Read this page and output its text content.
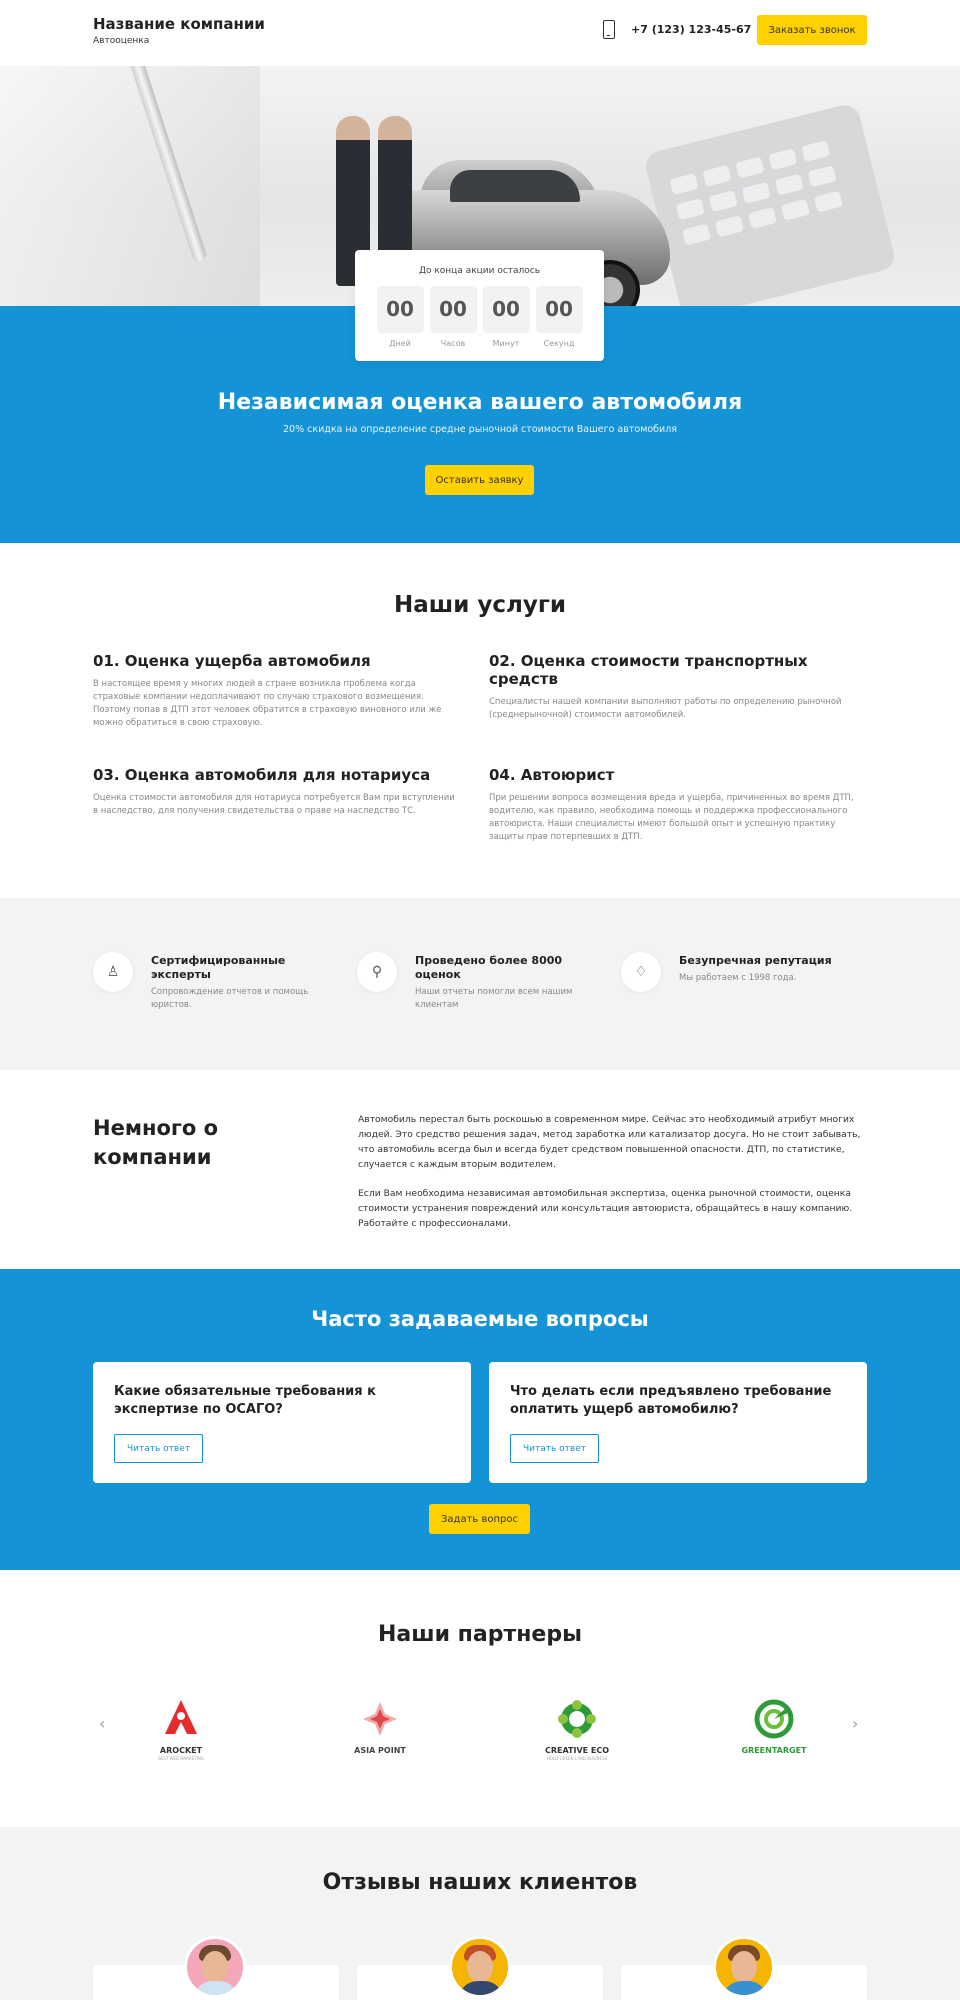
Название компании
Автооценка
+7 (123) 123-45-67	Заказать звонок
До конца акции осталось
00
Дней
00
Часов
00
Минут
00
Секунд
Независимая оценка вашего автомобиля
20% скидка на определение средне рыночной стоимости Вашего автомобиля
Оставить заявку
Наши услуги
01. Оценка ущерба автомобиля
В настоящее время у многих людей в стране возникла проблема когда страховые компании недоплачивают по случаю страхового возмещения. Поэтому попав в ДТП этот человек обратится в страховую виновного или же можно обратиться в свою страховую.
02. Оценка стоимости транспортных средств
Специалисты нашей компании выполняют работы по определению рыночной (среднерыночной) стоимости автомобилей.
03. Оценка автомобиля для нотариуса
Оценка стоимости автомобиля для нотариуса потребуется Вам при вступлении в наследство, для получения свидетельства о праве на наследство ТС.
04. Автоюрист
При решении вопроса возмещения вреда и ущерба, причиненных во время ДТП, водителю, как правило, необходима помощь и поддержка профессионального автоюриста. Наши специалисты имеют большой опыт и успешную практику защиты прав потерпевших в ДТП.
♙
Сертифицированные эксперты
Сопровождение отчетов и помощь юристов.
⚲
Проведено более 8000 оценок
Наши отчеты помогли всем нашим клиентам
♢
Безупречная репутация
Мы работаем с 1998 года.
Немного о компании

Автомобиль перестал быть роскошью в современном мире. Сейчас это необходимый атрибут многих людей. Это средство решения задач, метод заработка или катализатор досуга. Но не стоит забывать, что автомобиль всегда был и всегда будет средством повышенной опасности. ДТП, по статистике, случается с каждым вторым водителем.

Если Вам необходима независимая автомобильная экспертиза, оценка рыночной стоимости, оценка стоимости устранения повреждений или консультация автоюриста, обращайтесь в нашу компанию. Работайте с профессионалами.

Часто задаваемые вопросы
Какие обязательные требования к экспертизе по ОСАГО?
Читать ответ
Что делать если предъявлено требование оплатить ущерб автомобилю?
Читать ответ
Задать вопрос
Наши партнеры
‹	›
AROCKET
BEST WEB MARKETING
ASIA POINT	CREATIVE ECO
HOLD GREEN LAND BUSINESS
GREENTARGET
Отзывы наших клиентов
